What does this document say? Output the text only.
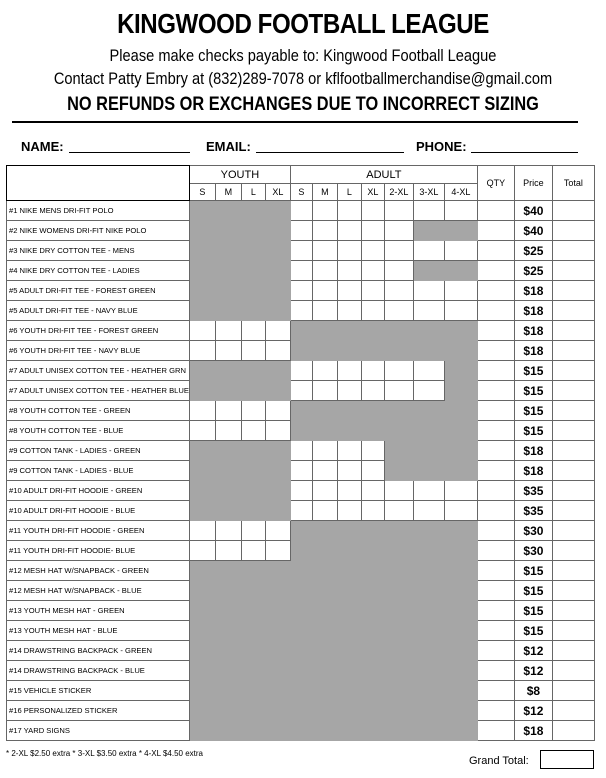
KINGWOOD FOOTBALL LEAGUE
Please make checks payable to: Kingwood Football League
Contact Patty Embry at (832)289-7078 or kflfootballmerchandise@gmail.com
NO REFUNDS OR EXCHANGES DUE TO INCORRECT SIZING
NAME:	EMAIL:	PHONE:
	YOUTH				ADULT							QTY	Price	Total
	S	M	L	XL	S	M	L	XL	2-XL	3-XL	4-XL			
#1 NIKE MENS DRI-FIT POLO													$40	
#2 NIKE WOMENS DRI-FIT NIKE POLO													$40	
#3 NIKE DRY COTTON TEE - MENS													$25	
#4 NIKE DRY COTTON TEE - LADIES													$25	
#5 ADULT DRI-FIT TEE - FOREST GREEN													$18	
#5 ADULT DRI-FIT TEE - NAVY BLUE													$18	
#6 YOUTH DRI-FIT TEE - FOREST GREEN													$18	
#6 YOUTH DRI-FIT TEE - NAVY BLUE													$18	
#7 ADULT UNISEX COTTON TEE - HEATHER GRN													$15	
#7 ADULT UNISEX COTTON TEE - HEATHER BLUE													$15	
#8 YOUTH COTTON TEE - GREEN													$15	
#8 YOUTH COTTON TEE - BLUE													$15	
#9 COTTON TANK - LADIES - GREEN													$18	
#9 COTTON TANK - LADIES - BLUE													$18	
#10 ADULT DRI-FIT HOODIE - GREEN													$35	
#10 ADULT DRI-FIT HOODIE - BLUE													$35	
#11 YOUTH DRI-FIT HOODIE - GREEN													$30	
#11 YOUTH DRI-FIT HOODIE- BLUE													$30	
#12 MESH HAT W/SNAPBACK - GREEN													$15	
#12 MESH HAT W/SNAPBACK - BLUE													$15	
#13 YOUTH MESH HAT - GREEN													$15	
#13 YOUTH MESH HAT - BLUE													$15	
#14 DRAWSTRING BACKPACK - GREEN													$12	
#14 DRAWSTRING BACKPACK - BLUE													$12	
#15 VEHICLE STICKER													$8	
#16 PERSONALIZED STICKER													$12	
#17 YARD SIGNS													$18	
* 2-XL $2.50 extra * 3-XL $3.50 extra * 4-XL $4.50 extra
Grand Total:
